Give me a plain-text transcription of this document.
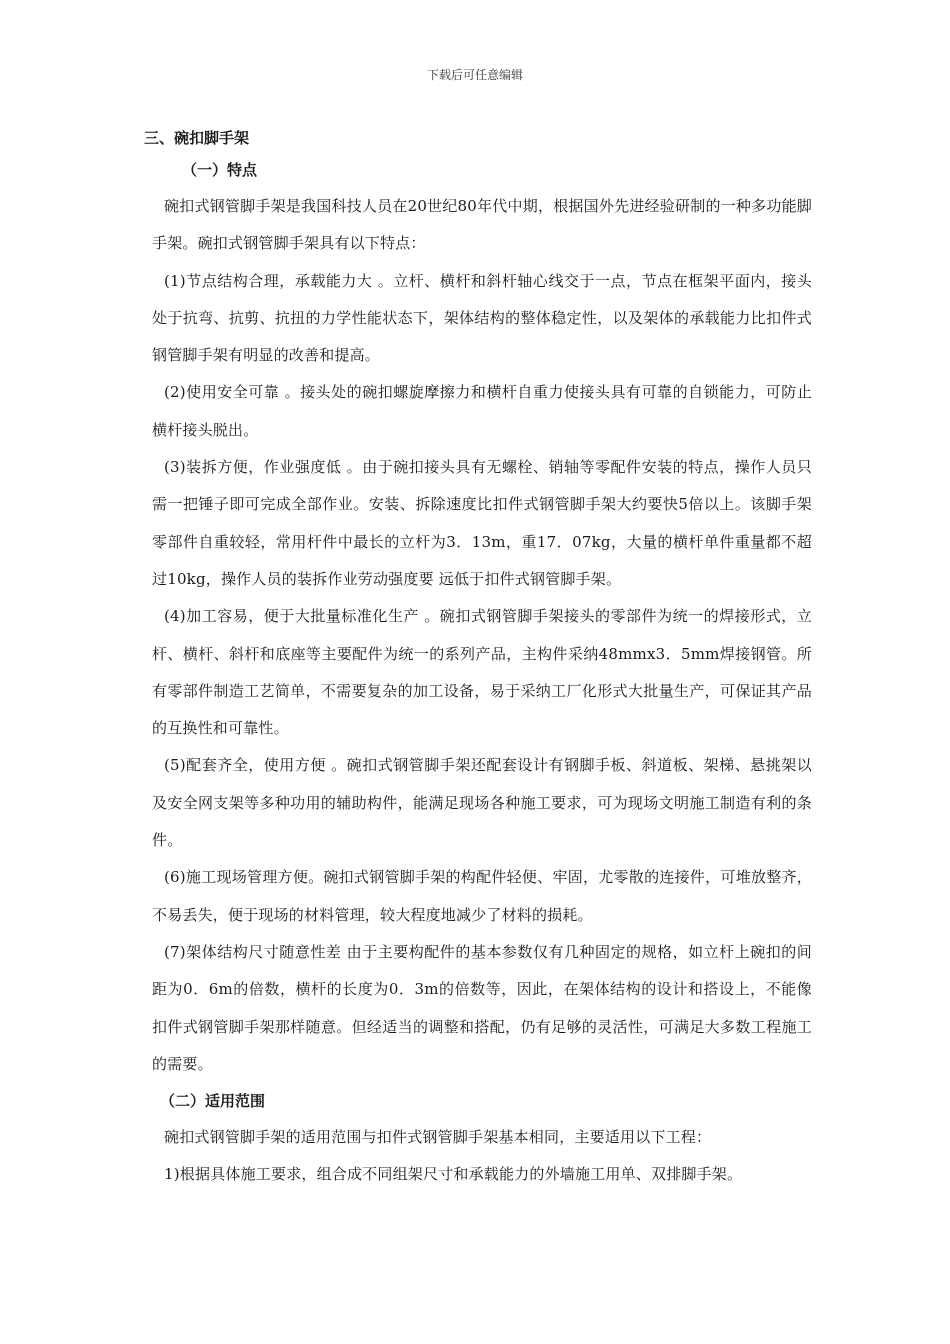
下载后可任意编辑
三、碗扣脚手架
（一）特点

碗扣式钢管脚手架是我国科技人员在20世纪80年代中期，根据国外先进经验研制的一种多功能脚手架。碗扣式钢管脚手架具有以下特点：

(1)节点结构合理，承载能力大 。立杆、横杆和斜杆轴心线交于一点，节点在框架平面内，接头处于抗弯、抗剪、抗扭的力学性能状态下，架体结构的整体稳定性，以及架体的承载能力比扣件式钢管脚手架有明显的改善和提高。

(2)使用安全可靠 。接头处的碗扣螺旋摩擦力和横杆自重力使接头具有可靠的自锁能力，可防止横杆接头脱出。

(3)装拆方便，作业强度低 。由于碗扣接头具有无螺栓、销轴等零配件安装的特点，操作人员只需一把锤子即可完成全部作业。安装、拆除速度比扣件式钢管脚手架大约要快5倍以上。该脚手架零部件自重较轻，常用杆件中最长的立杆为3．13m，重17．07kg，大量的横杆单件重量都不超过10kg，操作人员的装拆作业劳动强度要 远低于扣件式钢管脚手架。

(4)加工容易，便于大批量标准化生产 。碗扣式钢管脚手架接头的零部件为统一的焊接形式，立杆、横杆、斜杆和底座等主要配件为统一的系列产品，主构件采纳48mmx3．5mm焊接钢管。所有零部件制造工艺简单，不需要复杂的加工设备，易于采纳工厂化形式大批量生产，可保证其产品的互换性和可靠性。

(5)配套齐全，使用方便 。碗扣式钢管脚手架还配套设计有钢脚手板、斜道板、架梯、悬挑架以及安全网支架等多种功用的辅助构件，能满足现场各种施工要求，可为现场文明施工制造有利的条件。

(6)施工现场管理方便。碗扣式钢管脚手架的构配件轻便、牢固，尤零散的连接件，可堆放整齐，不易丢失，便于现场的材料管理，较大程度地减少了材料的损耗。

(7)架体结构尺寸随意性差 由于主要构配件的基本参数仅有几种固定的规格，如立杆上碗扣的间距为0．6m的倍数，横杆的长度为0．3m的倍数等，因此，在架体结构的设计和搭设上，不能像扣件式钢管脚手架那样随意。但经适当的调整和搭配，仍有足够的灵活性，可满足大多数工程施工的需要。

（二）适用范围

碗扣式钢管脚手架的适用范围与扣件式钢管脚手架基本相同，主要适用以下工程：

1)根据具体施工要求，组合成不同组架尺寸和承载能力的外墙施工用单、双排脚手架。
